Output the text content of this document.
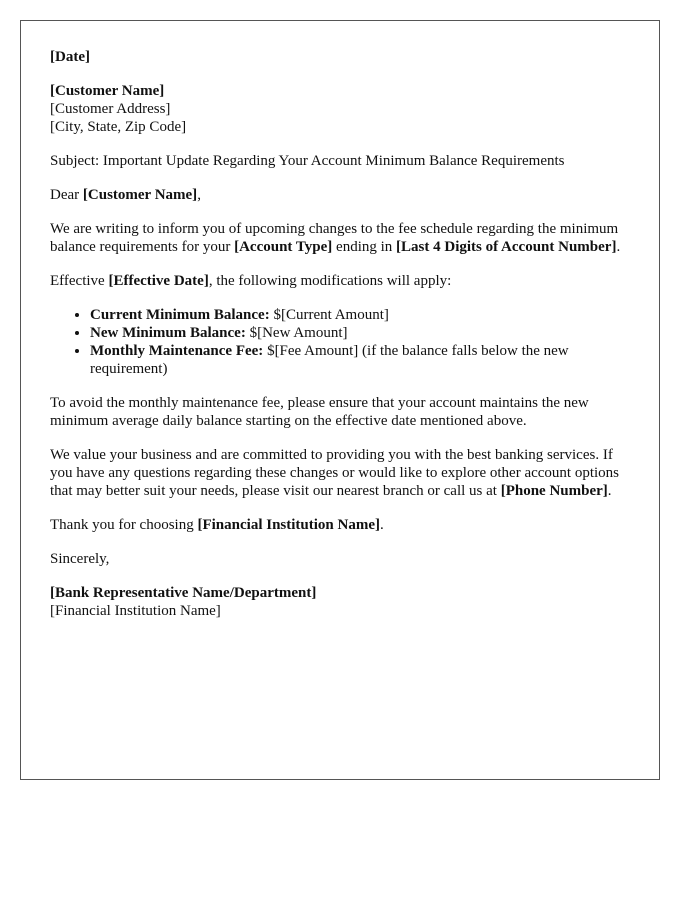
[Date]

[Customer Name]
[Customer Address]
[City, State, Zip Code]

Subject: Important Update Regarding Your Account Minimum Balance Requirements

Dear [Customer Name],

We are writing to inform you of upcoming changes to the fee schedule regarding the minimum balance requirements for your [Account Type] ending in [Last 4 Digits of Account Number].

Effective [Effective Date], the following modifications will apply:

• Current Minimum Balance: $[Current Amount]
• New Minimum Balance: $[New Amount]
• Monthly Maintenance Fee: $[Fee Amount] (if the balance falls below the new requirement)

To avoid the monthly maintenance fee, please ensure that your account maintains the new minimum average daily balance starting on the effective date mentioned above.

We value your business and are committed to providing you with the best banking services. If you have any questions regarding these changes or would like to explore other account options that may better suit your needs, please visit our nearest branch or call us at [Phone Number].

Thank you for choosing [Financial Institution Name].

Sincerely,

[Bank Representative Name/Department]
[Financial Institution Name]
